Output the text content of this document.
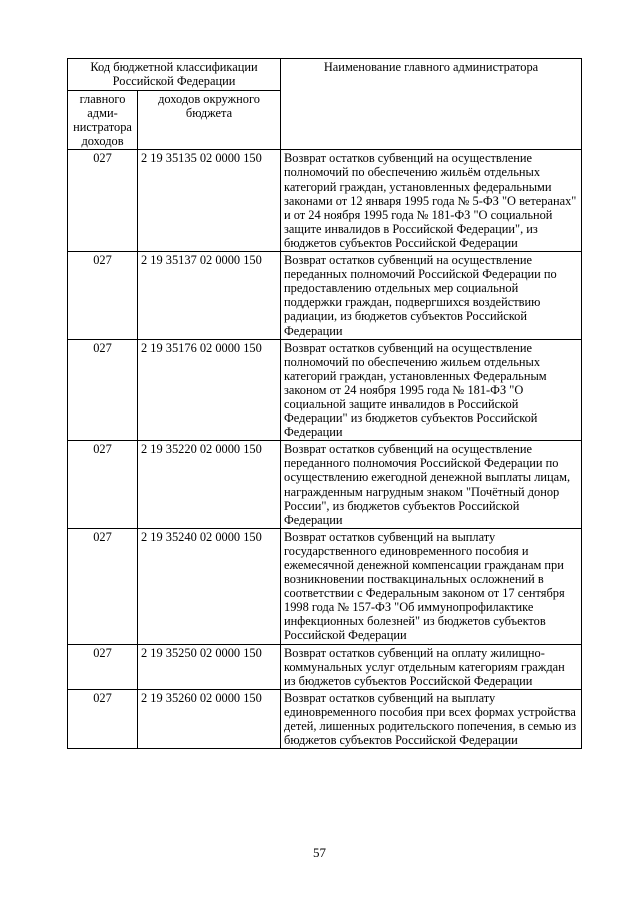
Код бюджетной классификации Российской Федерации		Наименование главного администратора
главного адми-нистратора доходов	доходов окружного бюджета	
027	2 19 35135 02 0000 150	Возврат остатков субвенций на осуществление полномочий по обеспечению жильём отдельных категорий граждан, установленных федеральными законами от 12 января 1995 года № 5-ФЗ "О ветеранах" и от 24 ноября 1995 года № 181-ФЗ "О социальной защите инвалидов в Российской Федерации", из бюджетов субъектов Российской Федерации
027	2 19 35137 02 0000 150	Возврат остатков субвенций на осуществление переданных полномочий Российской Федерации по предоставлению отдельных мер социальной поддержки граждан, подвергшихся воздействию радиации, из бюджетов субъектов Российской Федерации
027	2 19 35176 02 0000 150	Возврат остатков субвенций на осуществление полномочий по обеспечению жильем отдельных категорий граждан, установленных Федеральным законом от 24 ноября 1995 года № 181-ФЗ "О социальной защите инвалидов в Российской Федерации" из бюджетов субъектов Российской Федерации
027	2 19 35220 02 0000 150	Возврат остатков субвенций на осуществление переданного полномочия Российской Федерации по осуществлению ежегодной денежной выплаты лицам, награжденным нагрудным знаком "Почётный донор России", из бюджетов субъектов Российской Федерации
027	2 19 35240 02 0000 150	Возврат остатков субвенций на выплату государственного единовременного пособия и ежемесячной денежной компенсации гражданам при возникновении поствакцинальных осложнений в соответствии с Федеральным законом от 17 сентября 1998 года № 157-ФЗ "Об иммунопрофилактике инфекционных болезней" из бюджетов субъектов Российской Федерации
027	2 19 35250 02 0000 150	Возврат остатков субвенций на оплату жилищно-коммунальных услуг отдельным категориям граждан из бюджетов субъектов Российской Федерации
027	2 19 35260 02 0000 150	Возврат остатков субвенций на выплату единовременного пособия при всех формах устройства детей, лишенных родительского попечения, в семью из бюджетов субъектов Российской Федерации
57
